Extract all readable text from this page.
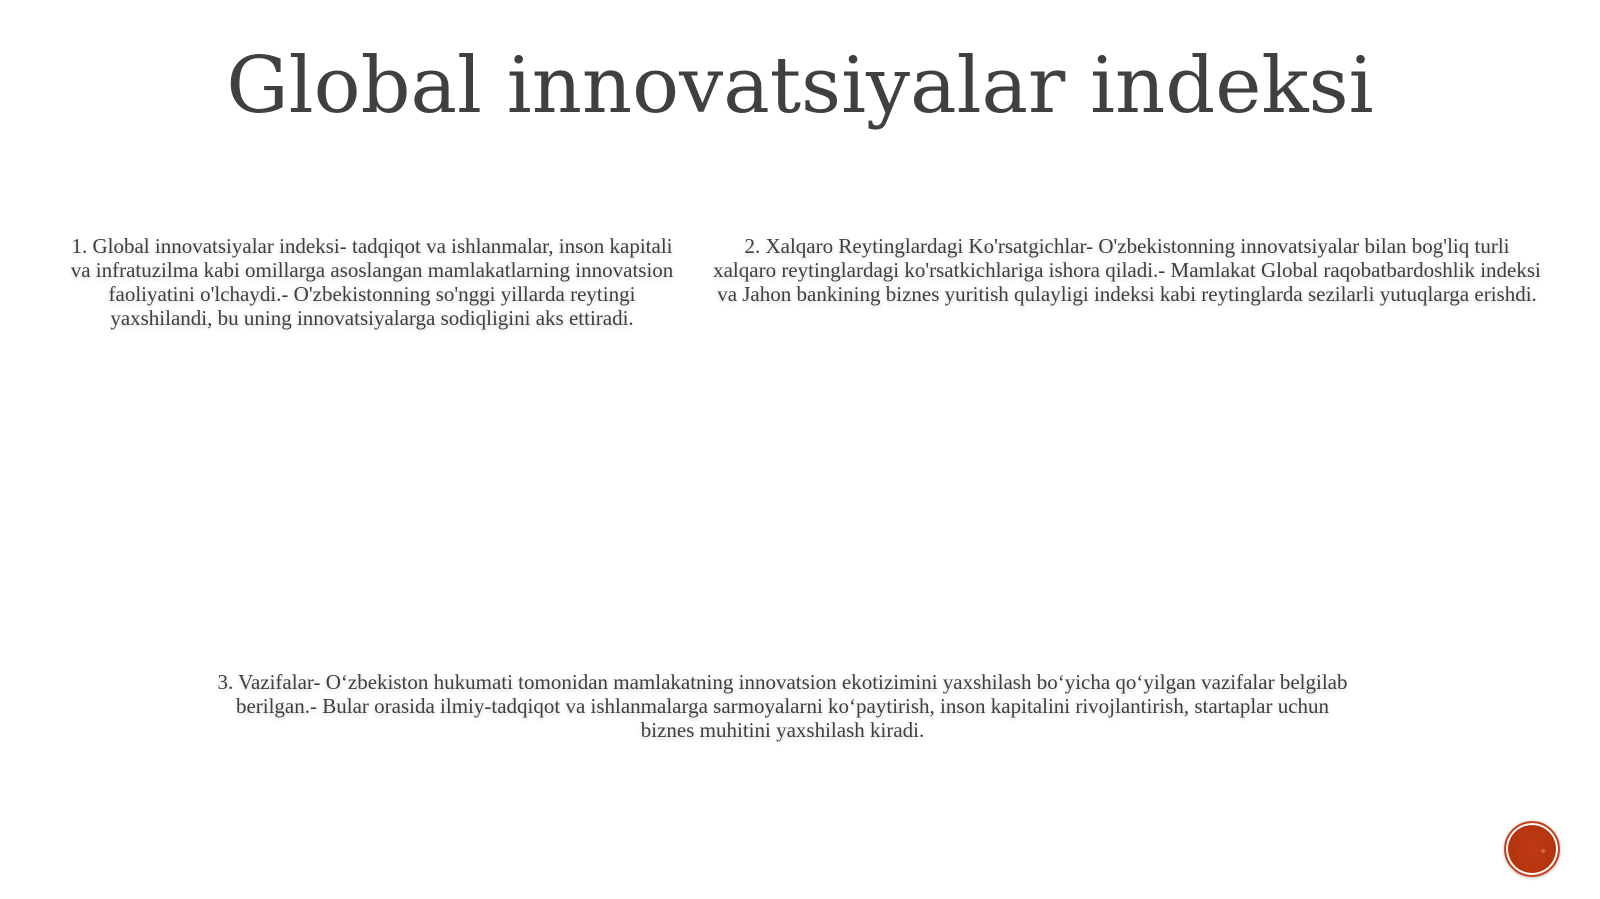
Global innovatsiyalar indeksi
1. Global innovatsiyalar indeksi- tadqiqot va ishlanmalar, inson kapitali va infratuzilma kabi omillarga asoslangan mamlakatlarning innovatsion faoliyatini o'lchaydi.- O'zbekistonning so'nggi yillarda reytingi yaxshilandi, bu uning innovatsiyalarga sodiqligini aks ettiradi.
2. Xalqaro Reytinglardagi Ko'rsatgichlar- O'zbekistonning innovatsiyalar bilan bog'liq turli xalqaro reytinglardagi ko'rsatkichlariga ishora qiladi.- Mamlakat Global raqobatbardoshlik indeksi va Jahon bankining biznes yuritish qulayligi indeksi kabi reytinglarda sezilarli yutuqlarga erishdi.
3. Vazifalar- O‘zbekiston hukumati tomonidan mamlakatning innovatsion ekotizimini yaxshilash bo‘yicha qo‘yilgan vazifalar belgilab berilgan.- Bular orasida ilmiy-tadqiqot va ishlanmalarga sarmoyalarni ko‘paytirish, inson kapitalini rivojlantirish, startaplar uchun biznes muhitini yaxshilash kiradi.
